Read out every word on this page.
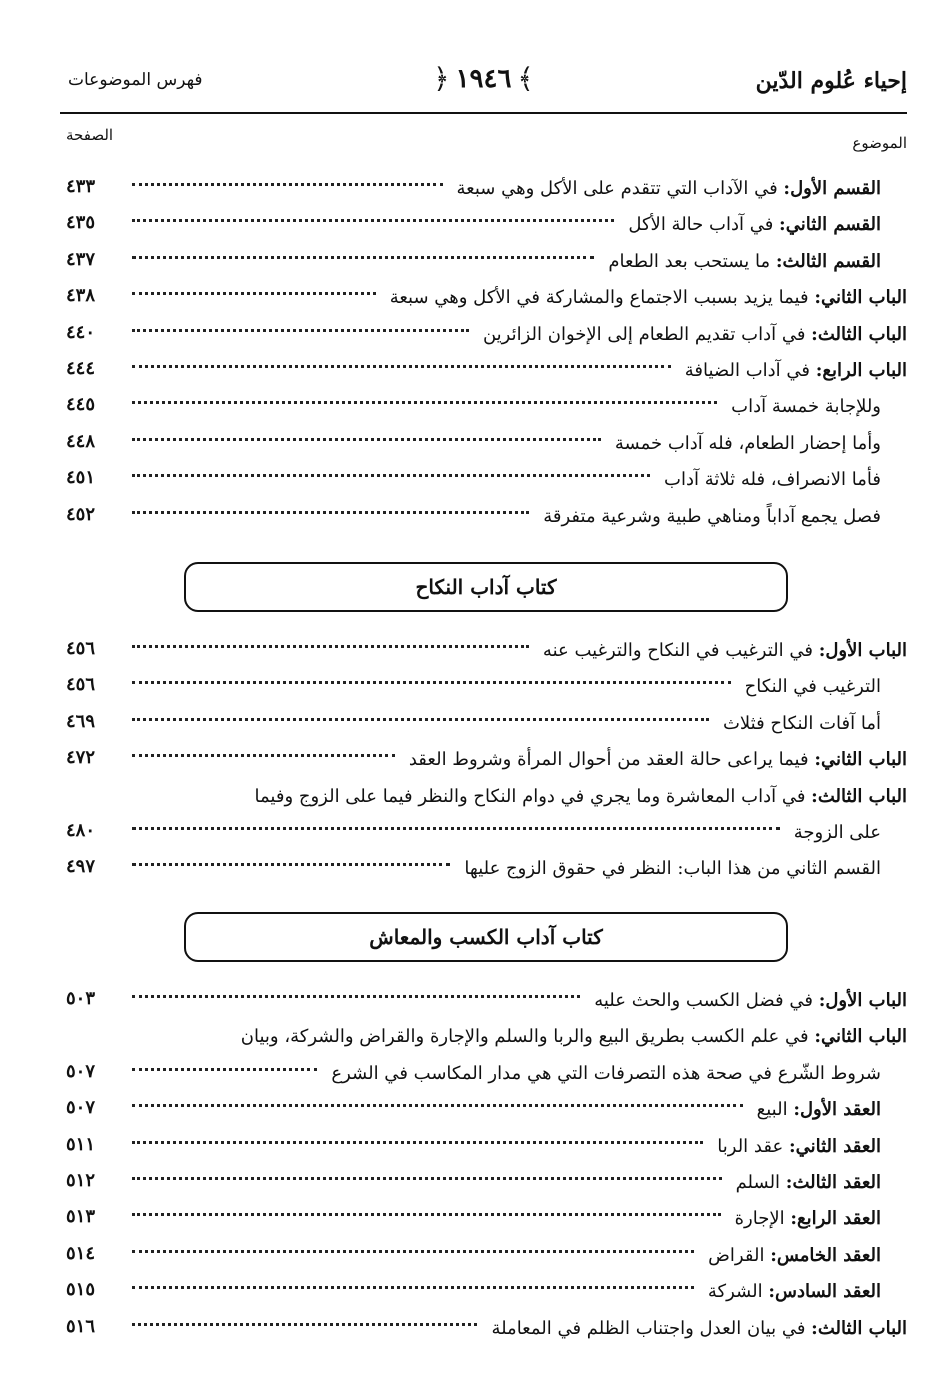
إحياء عُلوم الدّين
﴿ ١٩٤٦ ﴾
فهرس الموضوعات
الموضوع
الصفحة
القسم الأول: في الآداب التي تتقدم على الأكل وهي سبعة
٤٣٣
القسم الثاني: في آداب حالة الأكل
٤٣٥
القسم الثالث: ما يستحب بعد الطعام
٤٣٧
الباب الثاني: فيما يزيد بسبب الاجتماع والمشاركة في الأكل وهي سبعة
٤٣٨
الباب الثالث: في آداب تقديم الطعام إلى الإخوان الزائرين
٤٤٠
الباب الرابع: في آداب الضيافة
٤٤٤
وللإجابة خمسة آداب
٤٤٥
وأما إحضار الطعام، فله آداب خمسة
٤٤٨
فأما الانصراف، فله ثلاثة آداب
٤٥١
فصل يجمع آداباً ومناهي طبية وشرعية متفرقة
٤٥٢
كتاب آداب النكاح
الباب الأول: في الترغيب في النكاح والترغيب عنه
٤٥٦
الترغيب في النكاح
٤٥٦
أما آفات النكاح فثلاث
٤٦٩
الباب الثاني: فيما يراعى حالة العقد من أحوال المرأة وشروط العقد
٤٧٢
الباب الثالث: في آداب المعاشرة وما يجري في دوام النكاح والنظر فيما على الزوج وفيما
على الزوجة
٤٨٠
القسم الثاني من هذا الباب: النظر في حقوق الزوج عليها
٤٩٧
كتاب آداب الكسب والمعاش
الباب الأول: في فضل الكسب والحث عليه
٥٠٣
الباب الثاني: في علم الكسب بطريق البيع والربا والسلم والإجارة والقراض والشركة، وبيان
شروط الشّرع في صحة هذه التصرفات التي هي مدار المكاسب في الشرع
٥٠٧
العقد الأول: البيع
٥٠٧
العقد الثاني: عقد الربا
٥١١
العقد الثالث: السلم
٥١٢
العقد الرابع: الإجارة
٥١٣
العقد الخامس: القراض
٥١٤
العقد السادس: الشركة
٥١٥
الباب الثالث: في بيان العدل واجتناب الظلم في المعاملة
٥١٦
